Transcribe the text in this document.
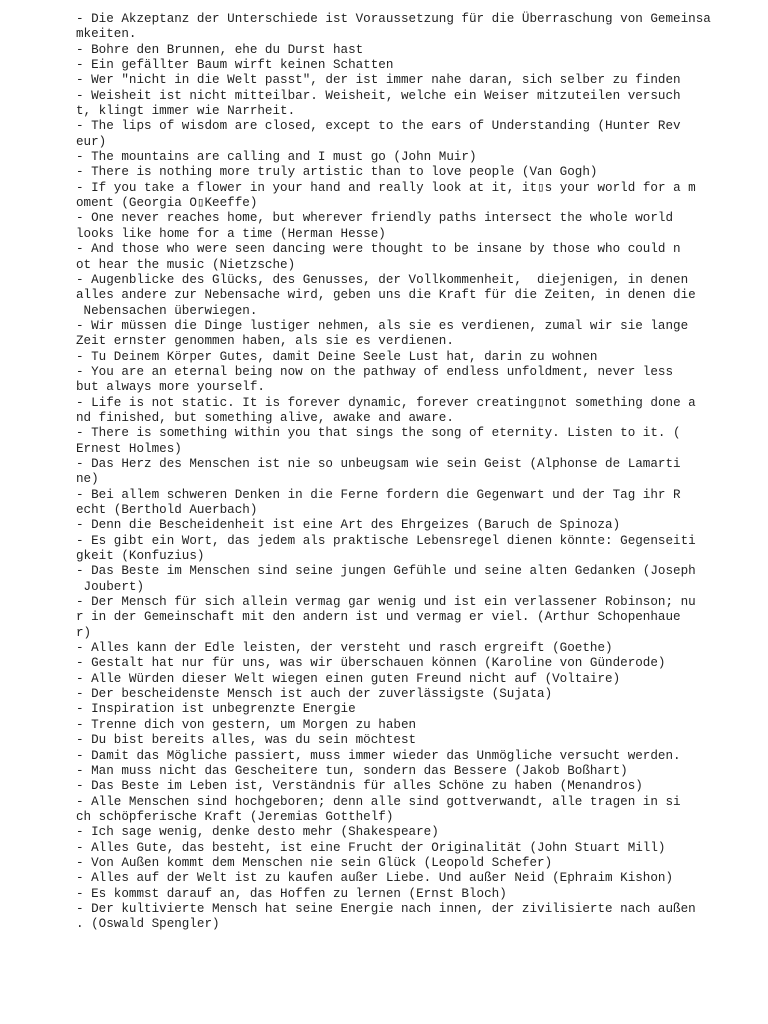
- Die Akzeptanz der Unterschiede ist Voraussetzung für die Überraschung von Gemeinsa
mkeiten.
- Bohre den Brunnen, ehe du Durst hast
- Ein gefällter Baum wirft keinen Schatten
- Wer "nicht in die Welt passt", der ist immer nahe daran, sich selber zu finden
- Weisheit ist nicht mitteilbar. Weisheit, welche ein Weiser mitzuteilen versuch
t, klingt immer wie Narrheit.
- The lips of wisdom are closed, except to the ears of Understanding (Hunter Rev
eur)
- The mountains are calling and I must go (John Muir)
- There is nothing more truly artistic than to love people (Van Gogh)
- If you take a flower in your hand and really look at it, it▯s your world for a m
oment (Georgia O▯Keeffe)
- One never reaches home, but wherever friendly paths intersect the whole world
looks like home for a time (Herman Hesse)
- And those who were seen dancing were thought to be insane by those who could n
ot hear the music (Nietzsche)
- Augenblicke des Glücks, des Genusses, der Vollkommenheit,  diejenigen, in denen
alles andere zur Nebensache wird, geben uns die Kraft für die Zeiten, in denen die
Nebensachen überwiegen.
- Wir müssen die Dinge lustiger nehmen, als sie es verdienen, zumal wir sie lange
Zeit ernster genommen haben, als sie es verdienen.
- Tu Deinem Körper Gutes, damit Deine Seele Lust hat, darin zu wohnen
- You are an eternal being now on the pathway of endless unfoldment, never less
but always more yourself.
- Life is not static. It is forever dynamic, forever creating▯not something done a
nd finished, but something alive, awake and aware.
- There is something within you that sings the song of eternity. Listen to it. (
Ernest Holmes)
- Das Herz des Menschen ist nie so unbeugsam wie sein Geist (Alphonse de Lamarti
ne)
- Bei allem schweren Denken in die Ferne fordern die Gegenwart und der Tag ihr R
echt (Berthold Auerbach)
- Denn die Bescheidenheit ist eine Art des Ehrgeizes (Baruch de Spinoza)
- Es gibt ein Wort, das jedem als praktische Lebensregel dienen könnte: Gegenseiti
gkeit (Konfuzius)
- Das Beste im Menschen sind seine jungen Gefühle und seine alten Gedanken (Joseph
Joubert)
- Der Mensch für sich allein vermag gar wenig und ist ein verlassener Robinson; nu
r in der Gemeinschaft mit den andern ist und vermag er viel. (Arthur Schopenhaue
r)
- Alles kann der Edle leisten, der versteht und rasch ergreift (Goethe)
- Gestalt hat nur für uns, was wir überschauen können (Karoline von Günderode)
- Alle Würden dieser Welt wiegen einen guten Freund nicht auf (Voltaire)
- Der bescheidenste Mensch ist auch der zuverlässigste (Sujata)
- Inspiration ist unbegrenzte Energie
- Trenne dich von gestern, um Morgen zu haben
- Du bist bereits alles, was du sein möchtest
- Damit das Mögliche passiert, muss immer wieder das Unmögliche versucht werden.
- Man muss nicht das Gescheitere tun, sondern das Bessere (Jakob Boßhart)
- Das Beste im Leben ist, Verständnis für alles Schöne zu haben (Menandros)
- Alle Menschen sind hochgeboren; denn alle sind gottverwandt, alle tragen in si
ch schöpferische Kraft (Jeremias Gotthelf)
- Ich sage wenig, denke desto mehr (Shakespeare)
- Alles Gute, das besteht, ist eine Frucht der Originalität (John Stuart Mill)
- Von Außen kommt dem Menschen nie sein Glück (Leopold Schefer)
- Alles auf der Welt ist zu kaufen außer Liebe. Und außer Neid (Ephraim Kishon)
- Es kommst darauf an, das Hoffen zu lernen (Ernst Bloch)
- Der kultivierte Mensch hat seine Energie nach innen, der zivilisierte nach außen
. (Oswald Spengler)
